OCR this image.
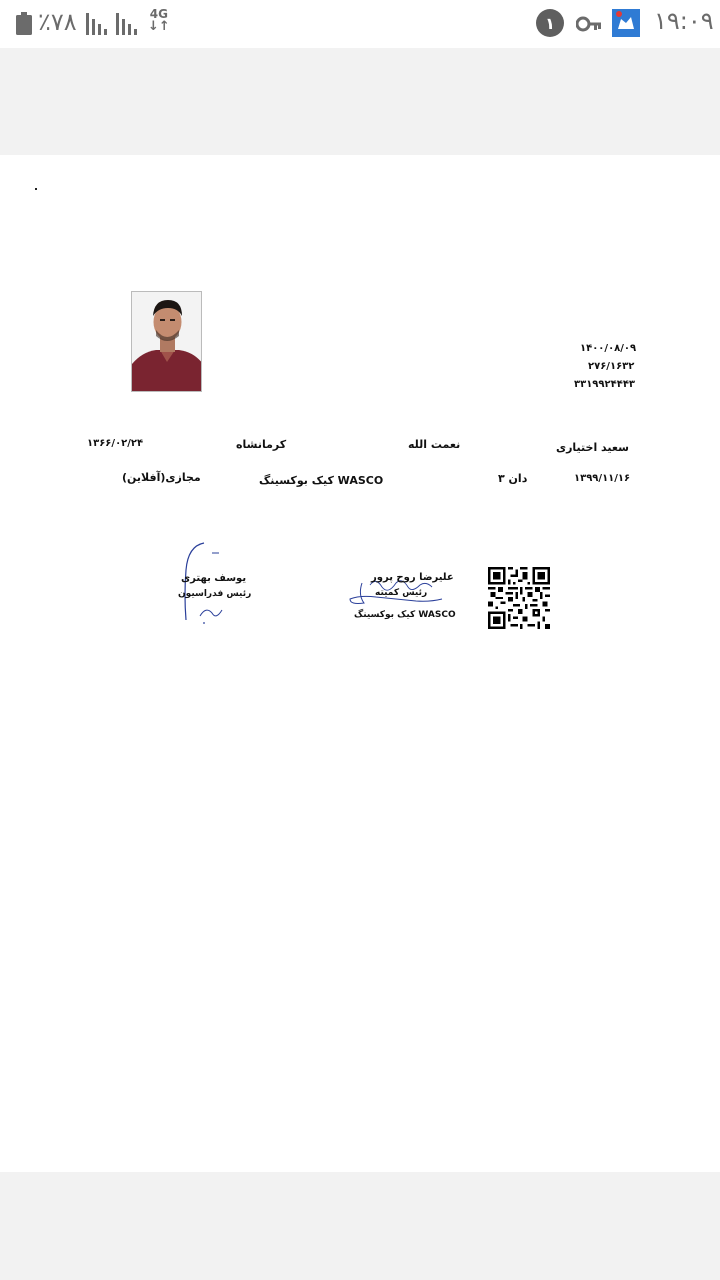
٪۷۸	4G
↓↑	۱	۱۹:۰۹
۱۴۰۰/۰۸/۰۹
۲۷۶/۱۶۳۲
۳۳۱۹۹۲۴۴۴۳
سعید اختیاری
نعمت الله
کرمانشاه
۱۳۶۶/۰۲/۲۴
۱۳۹۹/۱۱/۱۶
دان ۳
کیک بوکسینگ WASCO
مجازی(آفلاین)
یوسف بهتری
رئیس فدراسیون
علیرضا روح پرور
رئیس کمیته
کیک بوکسینگ WASCO
